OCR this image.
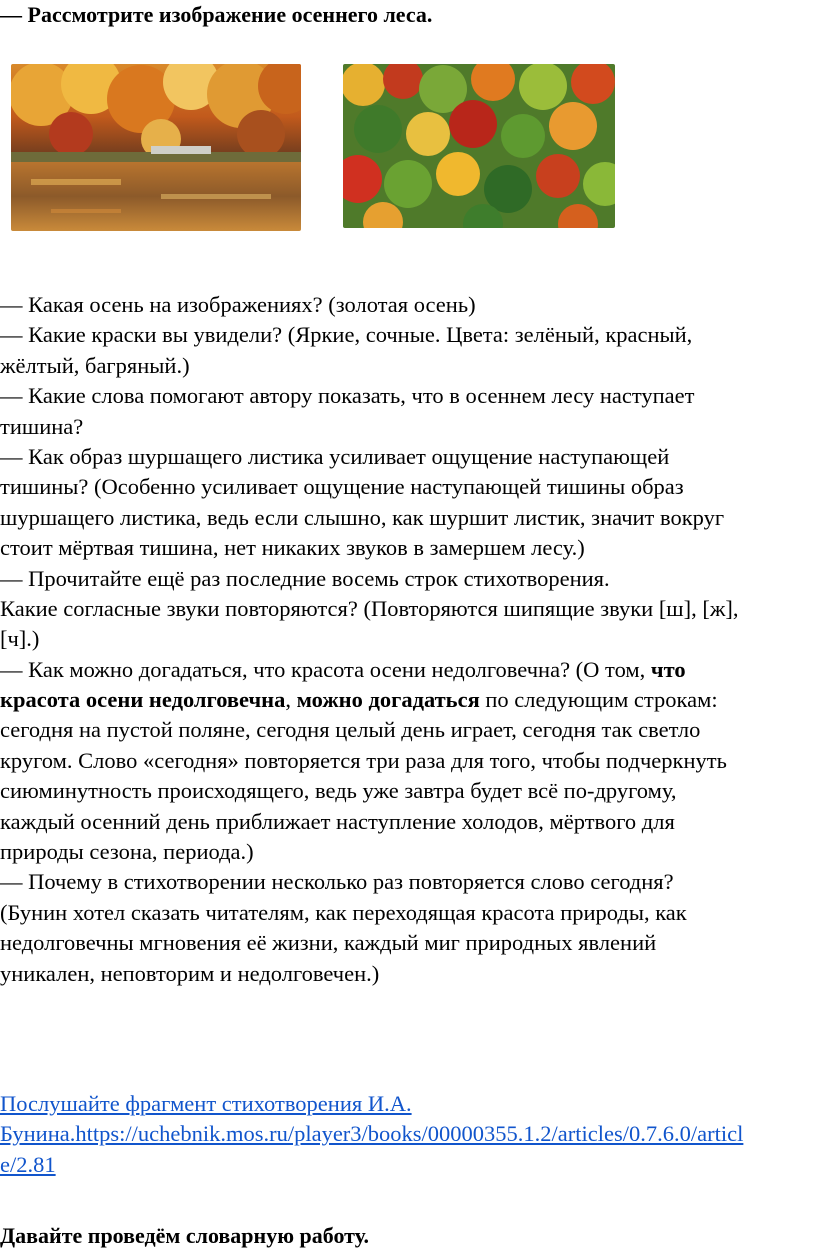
— Рассмотрите изображение осеннего леса.
— Какая осень на изображениях? (золотая осень)
— Какие краски вы увидели? (Яркие, сочные. Цвета: зелёный, красный,
жёлтый, багряный.)
— Какие слова помогают автору показать, что в осеннем лесу наступает
тишина?
— Как образ шуршащего листика усиливает ощущение наступающей
тишины? (Особенно усиливает ощущение наступающей тишины образ
шуршащего листика, ведь если слышно, как шуршит листик, значит вокруг
стоит мёртвая тишина, нет никаких звуков в замершем лесу.)
— Прочитайте ещё раз последние восемь строк стихотворения.
Какие согласные звуки повторяются? (Повторяются шипящие звуки [ш], [ж],
[ч].)
— Как можно догадаться, что красота осени недолговечна? (О том, что
красота осени недолговечна, можно догадаться по следующим строкам:
сегодня на пустой поляне, сегодня целый день играет, сегодня так светло
кругом. Слово «сегодня» повторяется три раза для того, чтобы подчеркнуть
сиюминутность происходящего, ведь уже завтра будет всё по-другому,
каждый осенний день приближает наступление холодов, мёртвого для
природы сезона, периода.)
— Почему в стихотворении несколько раз повторяется слово сегодня?
(Бунин хотел сказать читателям, как переходящая красота природы, как
недолговечны мгновения её жизни, каждый миг природных явлений
уникален, неповторим и недолговечен.)
Послушайте фрагмент стихотворения И.А.
Бунина.https://uchebnik.mos.ru/player3/books/00000355.1.2/articles/0.7.6.0/articl
e/2.81
Давайте проведём словарную работу.
